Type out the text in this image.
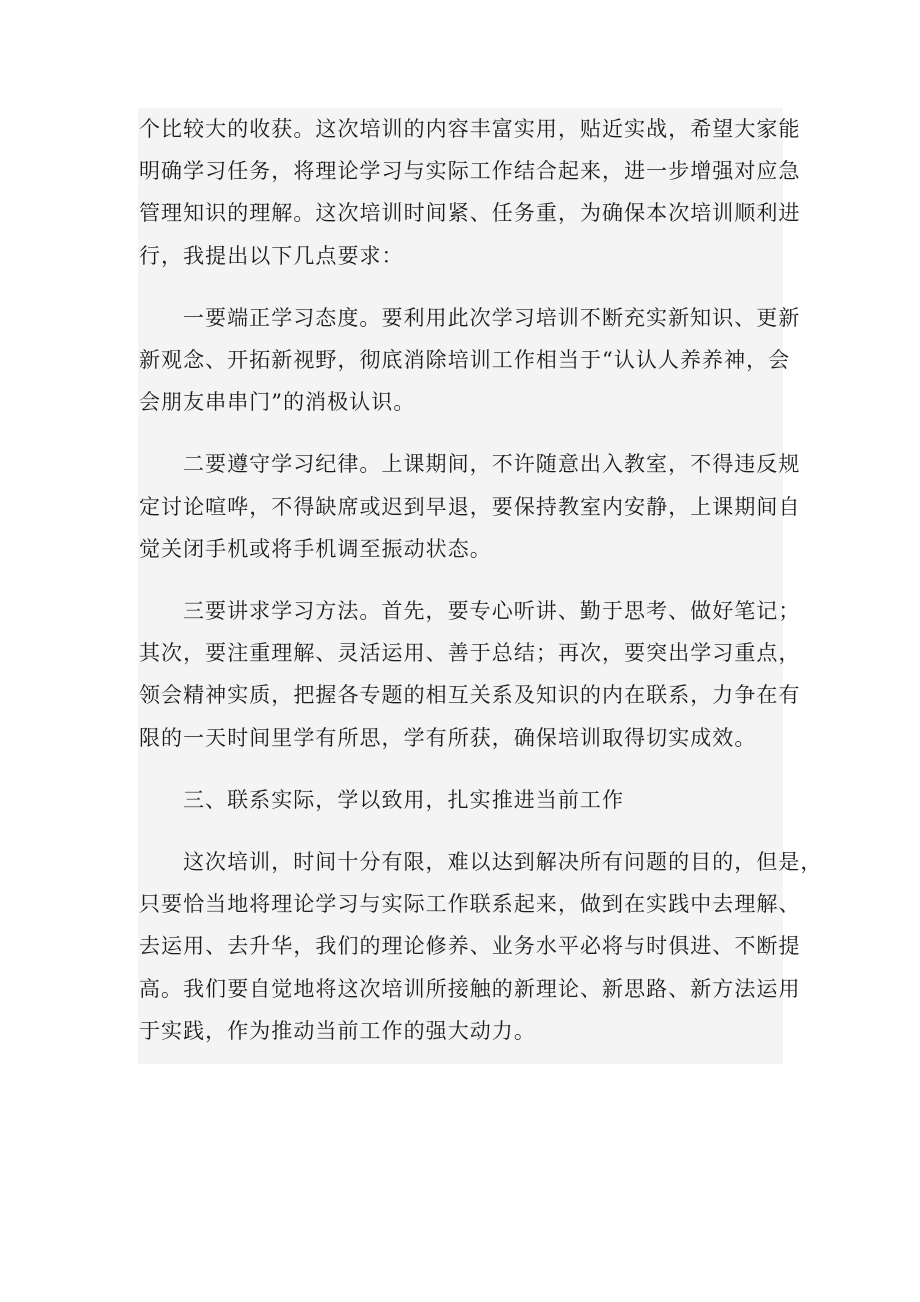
个比较大的收获。这次培训的内容丰富实用，贴近实战，希望大家能
明确学习任务，将理论学习与实际工作结合起来，进一步增强对应急
管理知识的理解。这次培训时间紧、任务重，为确保本次培训顺利进
行，我提出以下几点要求：

一要端正学习态度。要利用此次学习培训不断充实新知识、更新
新观念、开拓新视野，彻底消除培训工作相当于“认认人养养神，会
会朋友串串门”的消极认识。

二要遵守学习纪律。上课期间，不许随意出入教室，不得违反规
定讨论喧哗，不得缺席或迟到早退，要保持教室内安静，上课期间自
觉关闭手机或将手机调至振动状态。

三要讲求学习方法。首先，要专心听讲、勤于思考、做好笔记；
其次，要注重理解、灵活运用、善于总结；再次，要突出学习重点，
领会精神实质，把握各专题的相互关系及知识的内在联系，力争在有
限的一天时间里学有所思，学有所获，确保培训取得切实成效。

三、联系实际，学以致用，扎实推进当前工作

这次培训，时间十分有限，难以达到解决所有问题的目的，但是，
只要恰当地将理论学习与实际工作联系起来，做到在实践中去理解、
去运用、去升华，我们的理论修养、业务水平必将与时俱进、不断提
高。我们要自觉地将这次培训所接触的新理论、新思路、新方法运用
于实践，作为推动当前工作的强大动力。
